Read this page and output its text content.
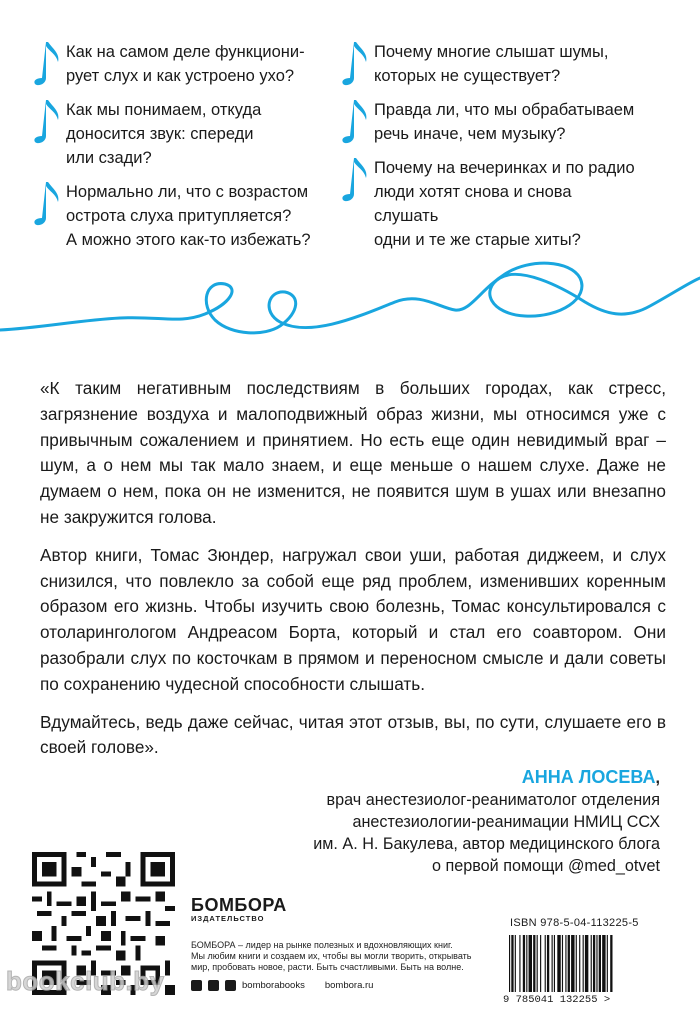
Как на самом деле функциони-
рует слух и как устроено ухо?
Как мы понимаем, откуда
доносится звук: спереди
или сзади?
Нормально ли, что с возрастом
острота слуха притупляется?
А можно этого как-то избежать?
Почему многие слышат шумы,
которых не существует?
Правда ли, что мы обрабатываем
речь иначе, чем музыку?
Почему на вечеринках и по радио
люди хотят снова и снова слушать
одни и те же старые хиты?

«К таким негативным последствиям в больших городах, как стресс, загрязнение воздуха и малоподвижный образ жизни, мы относимся уже с привычным сожалением и принятием. Но есть еще один невидимый враг – шум, а о нем мы так мало знаем, и еще меньше о нашем слухе. Даже не думаем о нем, пока он не изменится, не появится шум в ушах или внезапно не закружится голова.

Автор книги, Томас Зюндер, нагружал свои уши, работая диджеем, и слух снизился, что повлекло за собой еще ряд проблем, изменивших коренным образом его жизнь. Чтобы изучить свою болезнь, Томас консультировался с отоларингологом Андреасом Борта, который и стал его соавтором. Они разобрали слух по косточкам в прямом и переносном смысле и дали советы по сохранению чудесной способности слышать.

Вдумайтесь, ведь даже сейчас, читая этот отзыв, вы, по сути, слушаете его в своей голове».

АННА ЛОСЕВА,
врач анестезиолог-реаниматолог отделения
анестезиологии-реанимации НМИЦ ССХ
им. А. Н. Бакулева, автор медицинского блога
о первой помощи @med_otvet
БОМБОРА
ИЗДАТЕЛЬСТВО
БОМБОРА – лидер на рынке полезных и вдохновляющих книг.
Мы любим книги и создаем их, чтобы вы могли творить, открывать
мир, пробовать новое, расти. Быть счастливыми. Быть на волне.
bomborabooks bombora.ru
ISBN 978-5-04-113225-5
9 785041 132255 >
bookclub.by
